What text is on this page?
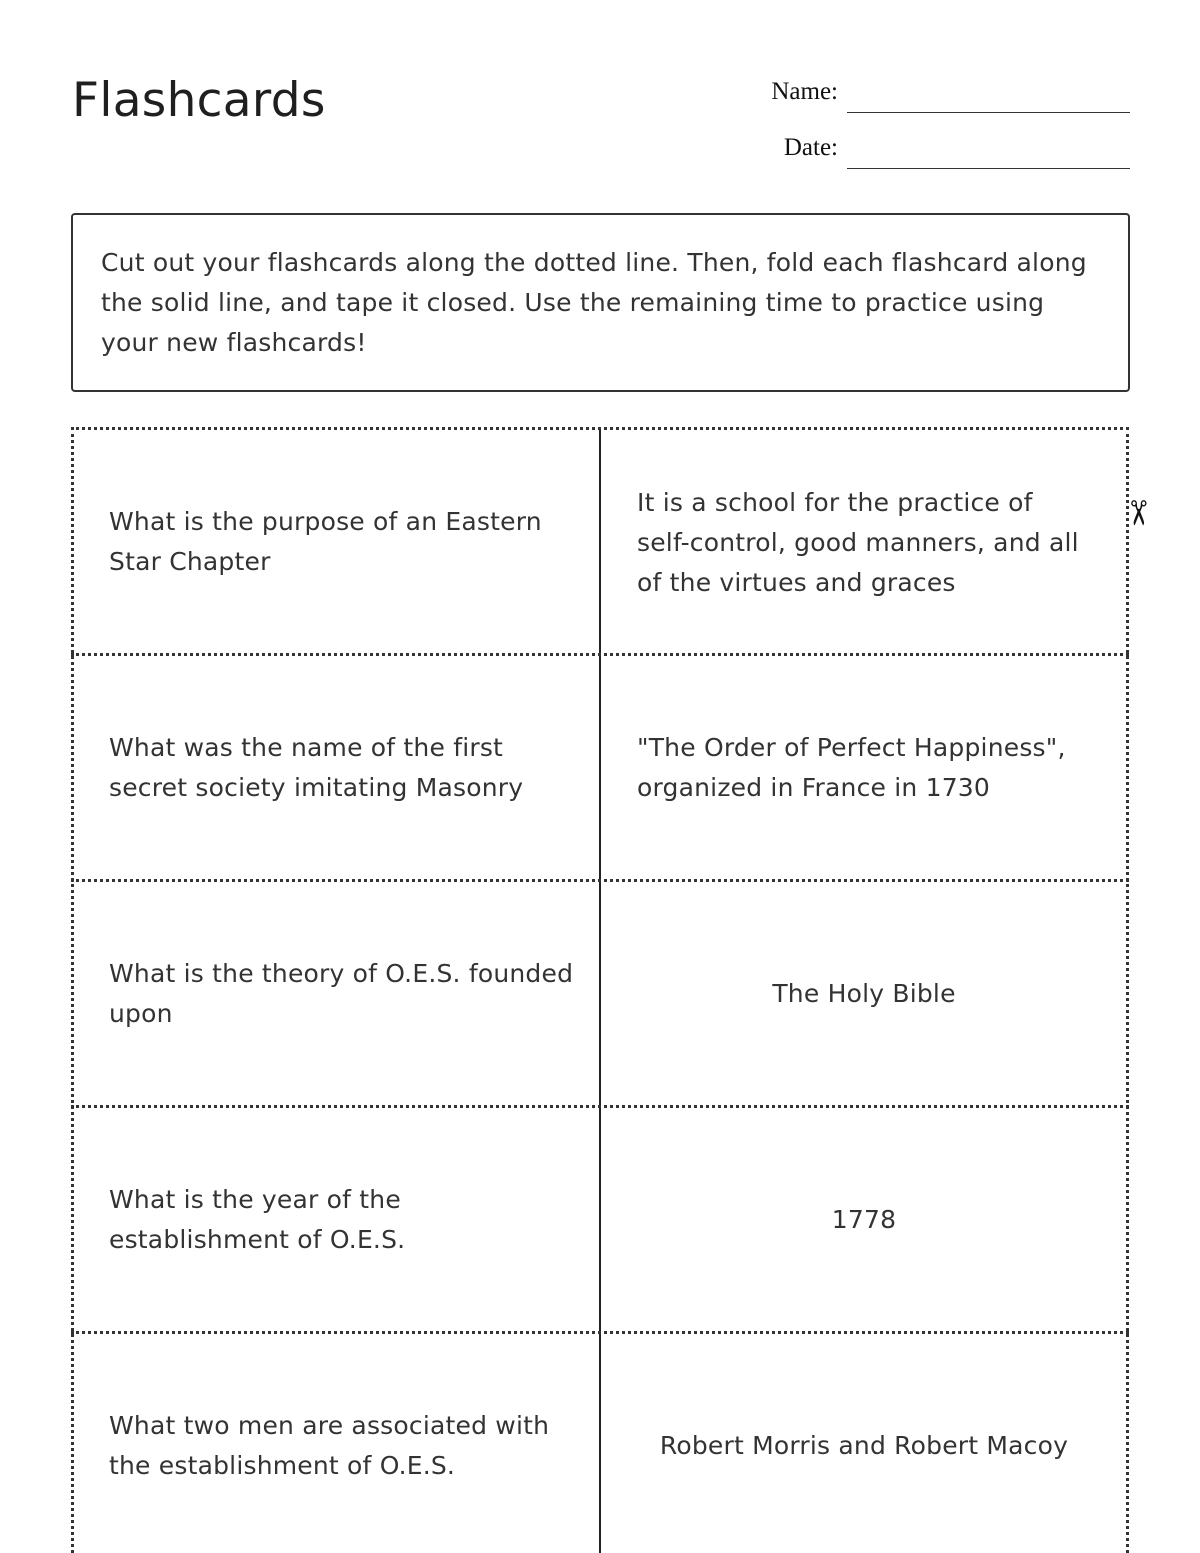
Flashcards	Name:
Date:
Cut out your flashcards along the dotted line. Then, fold each flashcard along the solid line, and tape it closed. Use the remaining time to practice using your new flashcards!
What is the purpose of an Eastern Star Chapter
It is a school for the practice of self-control, good manners, and all of the virtues and graces
What was the name of the first secret society imitating Masonry
"The Order of Perfect Happiness", organized in France in 1730
What is the theory of O.E.S. founded upon
The Holy Bible
What is the year of the establishment of O.E.S.
1778
What two men are associated with the establishment of O.E.S.
Robert Morris and Robert Macoy
✂
